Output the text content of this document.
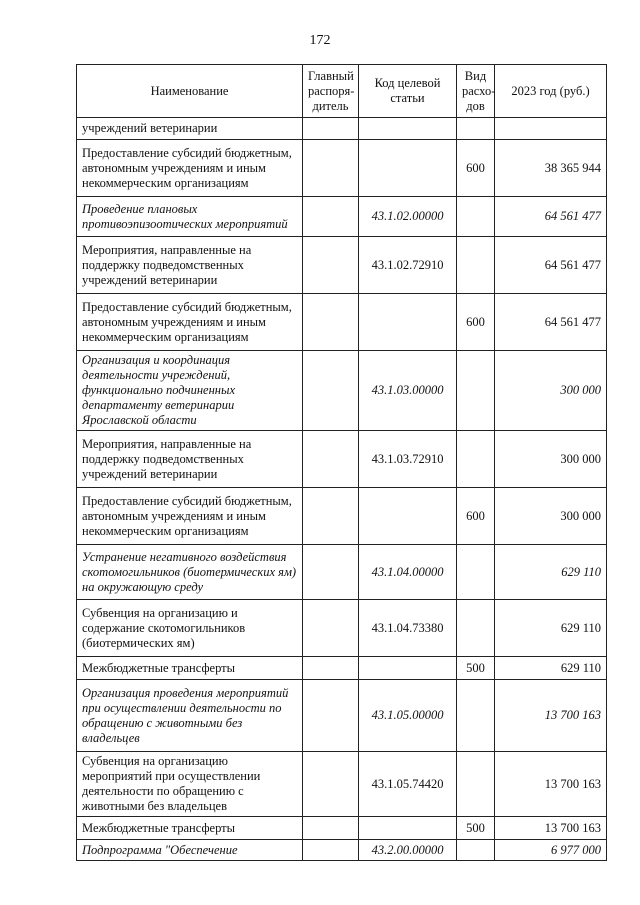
172
Наименование	Главный распоря-дитель	Код целевой статьи	Вид расхо-дов	2023 год (руб.)
учреждений ветеринарии				
Предоставление субсидий бюджетным, автономным учреждениям и иным некоммерческим организациям			600	38 365 944
Проведение плановых противоэпизоотических мероприятий		43.1.02.00000		64 561 477
Мероприятия, направленные на поддержку подведомственных учреждений ветеринарии		43.1.02.72910		64 561 477
Предоставление субсидий бюджетным, автономным учреждениям и иным некоммерческим организациям			600	64 561 477
Организация и координация деятельности учреждений, функционально подчиненных департаменту ветеринарии Ярославской области		43.1.03.00000		300 000
Мероприятия, направленные на поддержку подведомственных учреждений ветеринарии		43.1.03.72910		300 000
Предоставление субсидий бюджетным, автономным учреждениям и иным некоммерческим организациям			600	300 000
Устранение негативного воздействия скотомогильников (биотермических ям) на окружающую среду		43.1.04.00000		629 110
Субвенция на организацию и содержание скотомогильников (биотермических ям)		43.1.04.73380		629 110
Межбюджетные трансферты			500	629 110
Организация проведения мероприятий при осуществлении деятельности по обращению с животными без владельцев		43.1.05.00000		13 700 163
Субвенция на организацию мероприятий при осуществлении деятельности по обращению с животными без владельцев		43.1.05.74420		13 700 163
Межбюджетные трансферты			500	13 700 163
Подпрограмма "Обеспечение		43.2.00.00000		6 977 000
